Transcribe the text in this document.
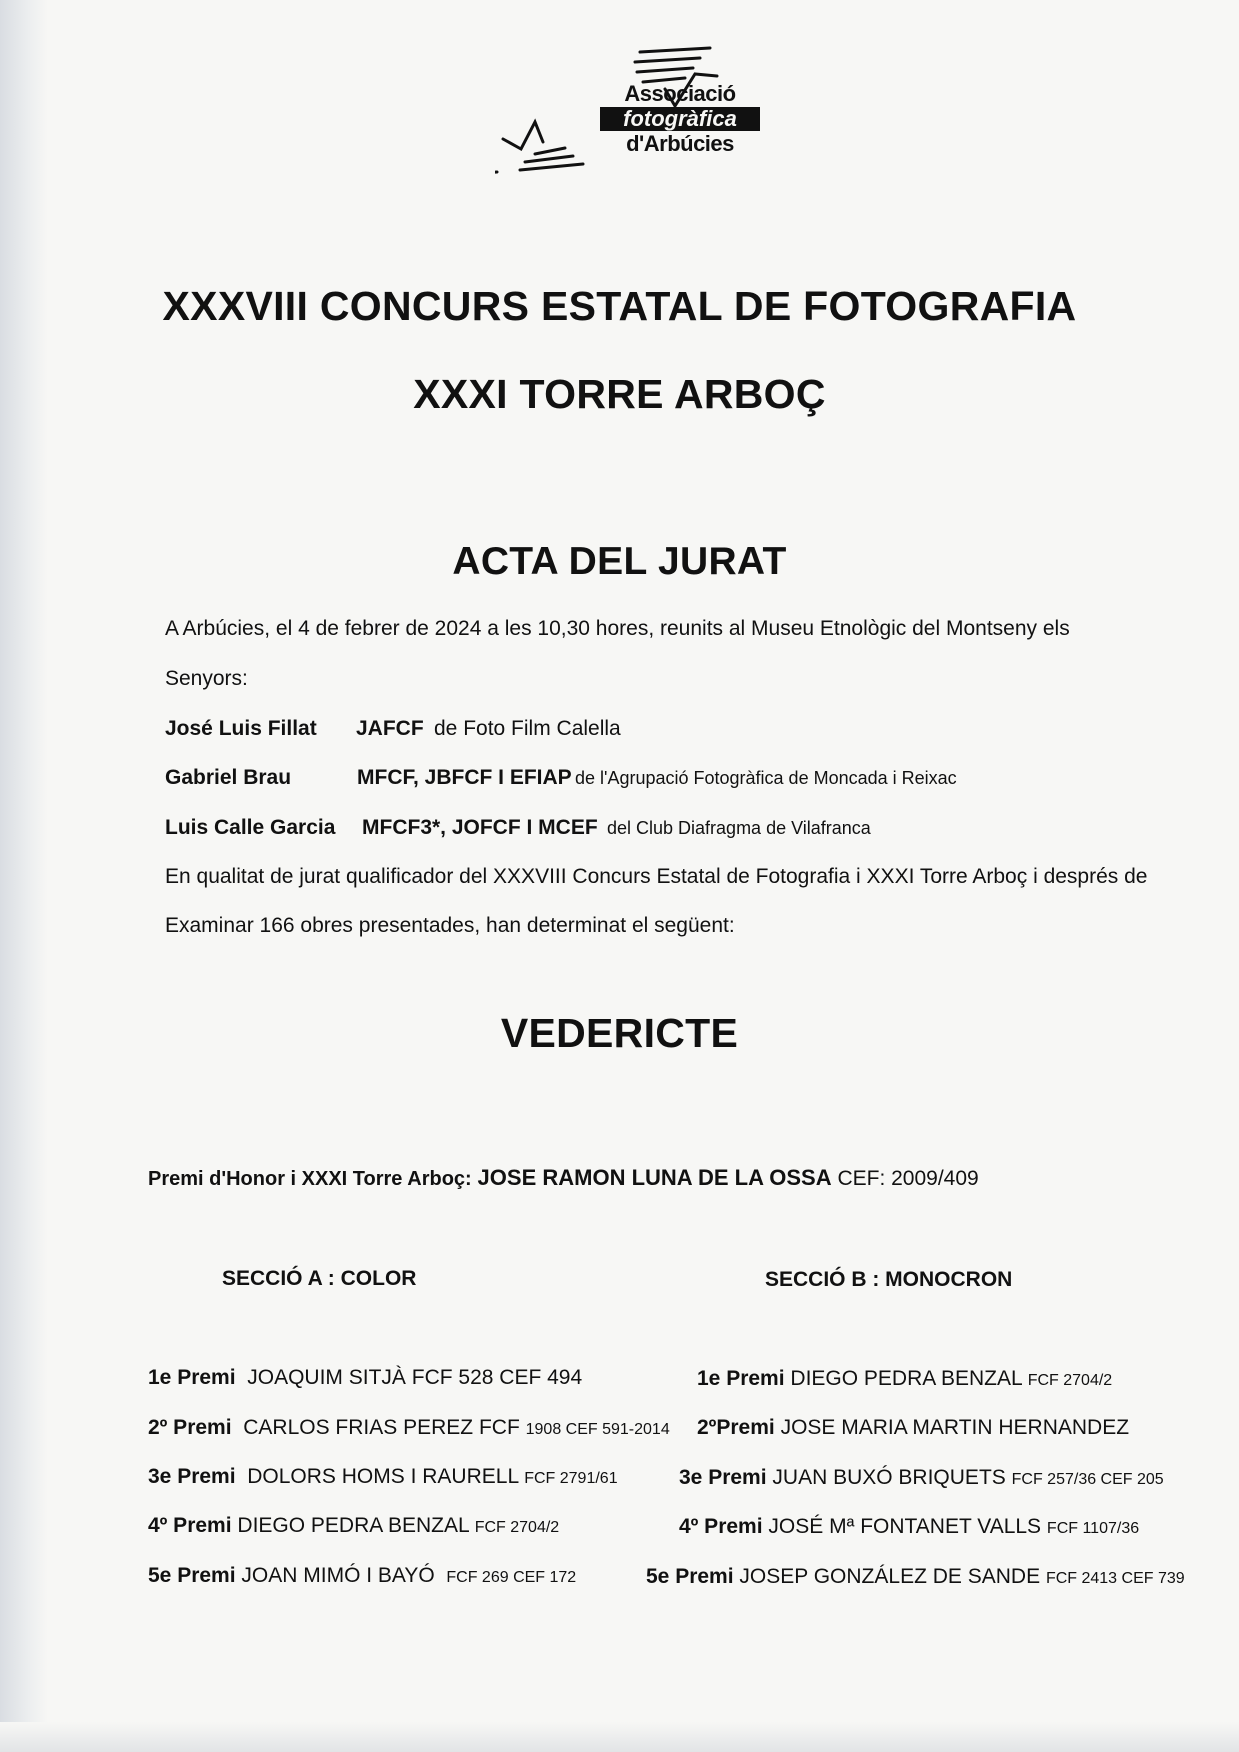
Associació
fotogràfica
d'Arbúcies
XXXVIII CONCURS ESTATAL DE FOTOGRAFIA
XXXI TORRE ARBOÇ
ACTA DEL JURAT
A Arbúcies, el 4 de febrer de 2024 a les 10,30 hores, reunits al Museu Etnològic del Montseny els
Senyors:
José Luis Fillat JAFCF de Foto Film Calella
Gabriel Brau	MFCF, JBFCF I EFIAP de l'Agrupació Fotogràfica de Moncada i Reixac
Luis Calle Garcia MFCF3*, JOFCF I MCEF del Club Diafragma de Vilafranca
En qualitat de jurat qualificador del XXXVIII Concurs Estatal de Fotografia i XXXI Torre Arboç i després de
Examinar 166 obres presentades, han determinat el següent:
VEDERICTE
Premi d'Honor i XXXI Torre Arboç: JOSE RAMON LUNA DE LA OSSA CEF: 2009/409
SECCIÓ A : COLOR	SECCIÓ B : MONOCRON
1e Premi JOAQUIM SITJÀ FCF 528 CEF 494
2º Premi CARLOS FRIAS PEREZ FCF 1908 CEF 591-2014
3e Premi DOLORS HOMS I RAURELL FCF 2791/61
4º Premi DIEGO PEDRA BENZAL FCF 2704/2
5e Premi JOAN MIMÓ I BAYÓ FCF 269 CEF 172
1e Premi DIEGO PEDRA BENZAL FCF 2704/2
2ºPremi JOSE MARIA MARTIN HERNANDEZ
3e Premi JUAN BUXÓ BRIQUETS FCF 257/36 CEF 205
4º Premi JOSÉ Mª FONTANET VALLS FCF 1107/36
5e Premi JOSEP GONZÁLEZ DE SANDE FCF 2413 CEF 739
